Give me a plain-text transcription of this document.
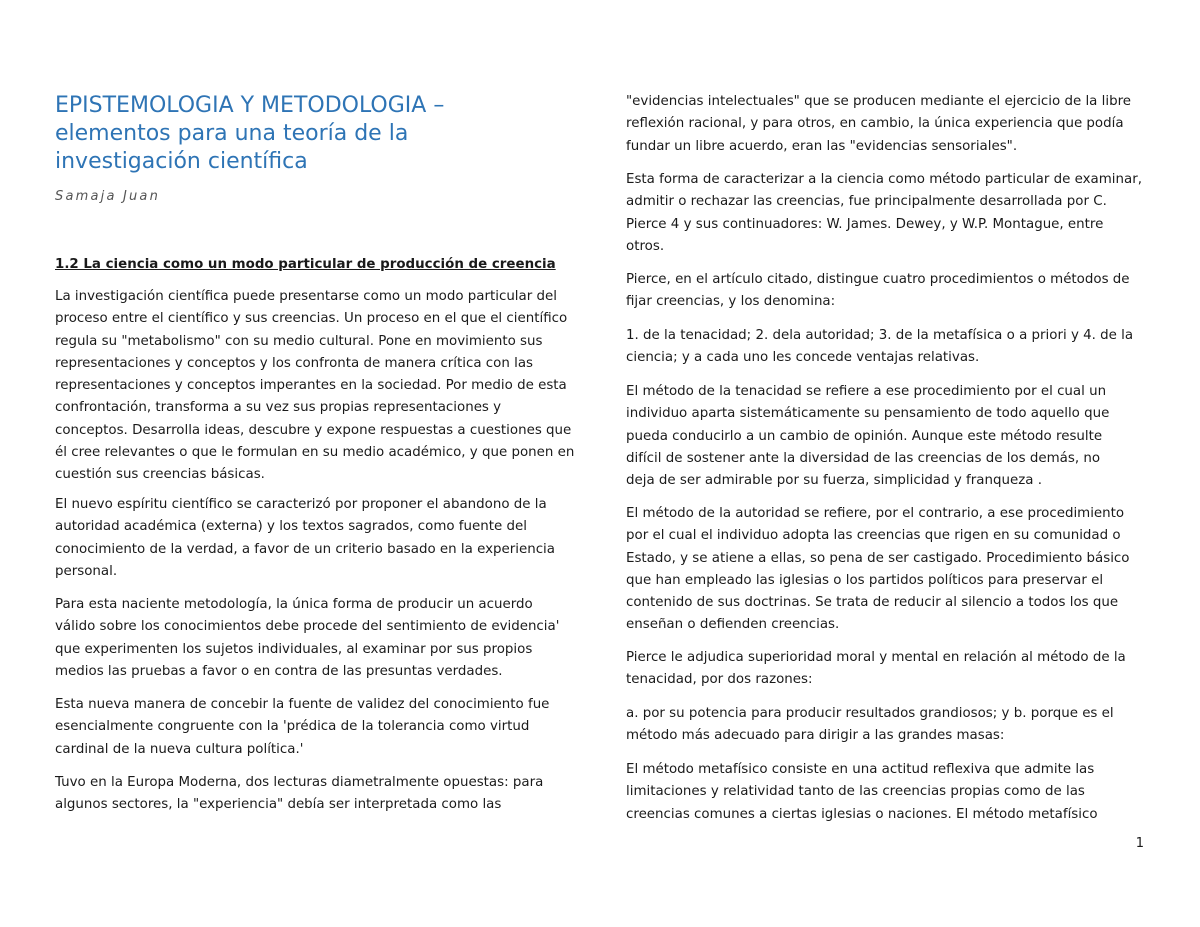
EPISTEMOLOGIA Y METODOLOGIA –
elementos para una teoría de la
investigación científica
Samaja Juan
1.2 La ciencia como un modo particular de producción de creencia
La investigación científica puede presentarse como un modo particular del
proceso entre el científico y sus creencias. Un proceso en el que el científico
regula su "metabolismo" con su medio cultural. Pone en movimiento sus
representaciones y conceptos y los confronta de manera crítica con las
representaciones y conceptos imperantes en la sociedad. Por medio de esta
confrontación, transforma a su vez sus propias representaciones y
conceptos. Desarrolla ideas, descubre y expone respuestas a cuestiones que
él cree relevantes o que le formulan en su medio académico, y que ponen en
cuestión sus creencias básicas.
El nuevo espíritu científico se caracterizó por proponer el abandono de la
autoridad académica (externa) y los textos sagrados, como fuente del
conocimiento de la verdad, a favor de un criterio basado en la experiencia
personal.
Para esta naciente metodología, la única forma de producir un acuerdo
válido sobre los conocimientos debe procede del sentimiento de evidencia'
que experimenten los sujetos individuales, al examinar por sus propios
medios las pruebas a favor o en contra de las presuntas verdades.
Esta nueva manera de concebir la fuente de validez del conocimiento fue
esencialmente congruente con la 'prédica de la tolerancia como virtud
cardinal de la nueva cultura política.'
Tuvo en la Europa Moderna, dos lecturas diametralmente opuestas: para
algunos sectores, la "experiencia" debía ser interpretada como las
"evidencias intelectuales" que se producen mediante el ejercicio de la libre
reflexión racional, y para otros, en cambio, la única experiencia que podía
fundar un libre acuerdo, eran las "evidencias sensoriales".
Esta forma de caracterizar a la ciencia como método particular de examinar,
admitir o rechazar las creencias, fue principalmente desarrollada por C.
Pierce 4 y sus continuadores: W. James. Dewey, y W.P. Montague, entre
otros.
Pierce, en el artículo citado, distingue cuatro procedimientos o métodos de
fijar creencias, y los denomina:
1. de la tenacidad; 2. dela autoridad; 3. de la metafísica o a priori y 4. de la
ciencia; y a cada uno les concede ventajas relativas.
El método de la tenacidad se refiere a ese procedimiento por el cual un
individuo aparta sistemáticamente su pensamiento de todo aquello que
pueda conducirlo a un cambio de opinión. Aunque este método resulte
difícil de sostener ante la diversidad de las creencias de los demás, no
deja de ser admirable por su fuerza, simplicidad y franqueza .
El método de la autoridad se refiere, por el contrario, a ese procedimiento
por el cual el individuo adopta las creencias que rigen en su comunidad o
Estado, y se atiene a ellas, so pena de ser castigado. Procedimiento básico
que han empleado las iglesias o los partidos políticos para preservar el
contenido de sus doctrinas. Se trata de reducir al silencio a todos los que
enseñan o defienden creencias.
Pierce le adjudica superioridad moral y mental en relación al método de la
tenacidad, por dos razones:
a. por su potencia para producir resultados grandiosos; y b. porque es el
método más adecuado para dirigir a las grandes masas:
El método metafísico consiste en una actitud reflexiva que admite las
limitaciones y relatividad tanto de las creencias propias como de las
creencias comunes a ciertas iglesias o naciones. El método metafísico
1
